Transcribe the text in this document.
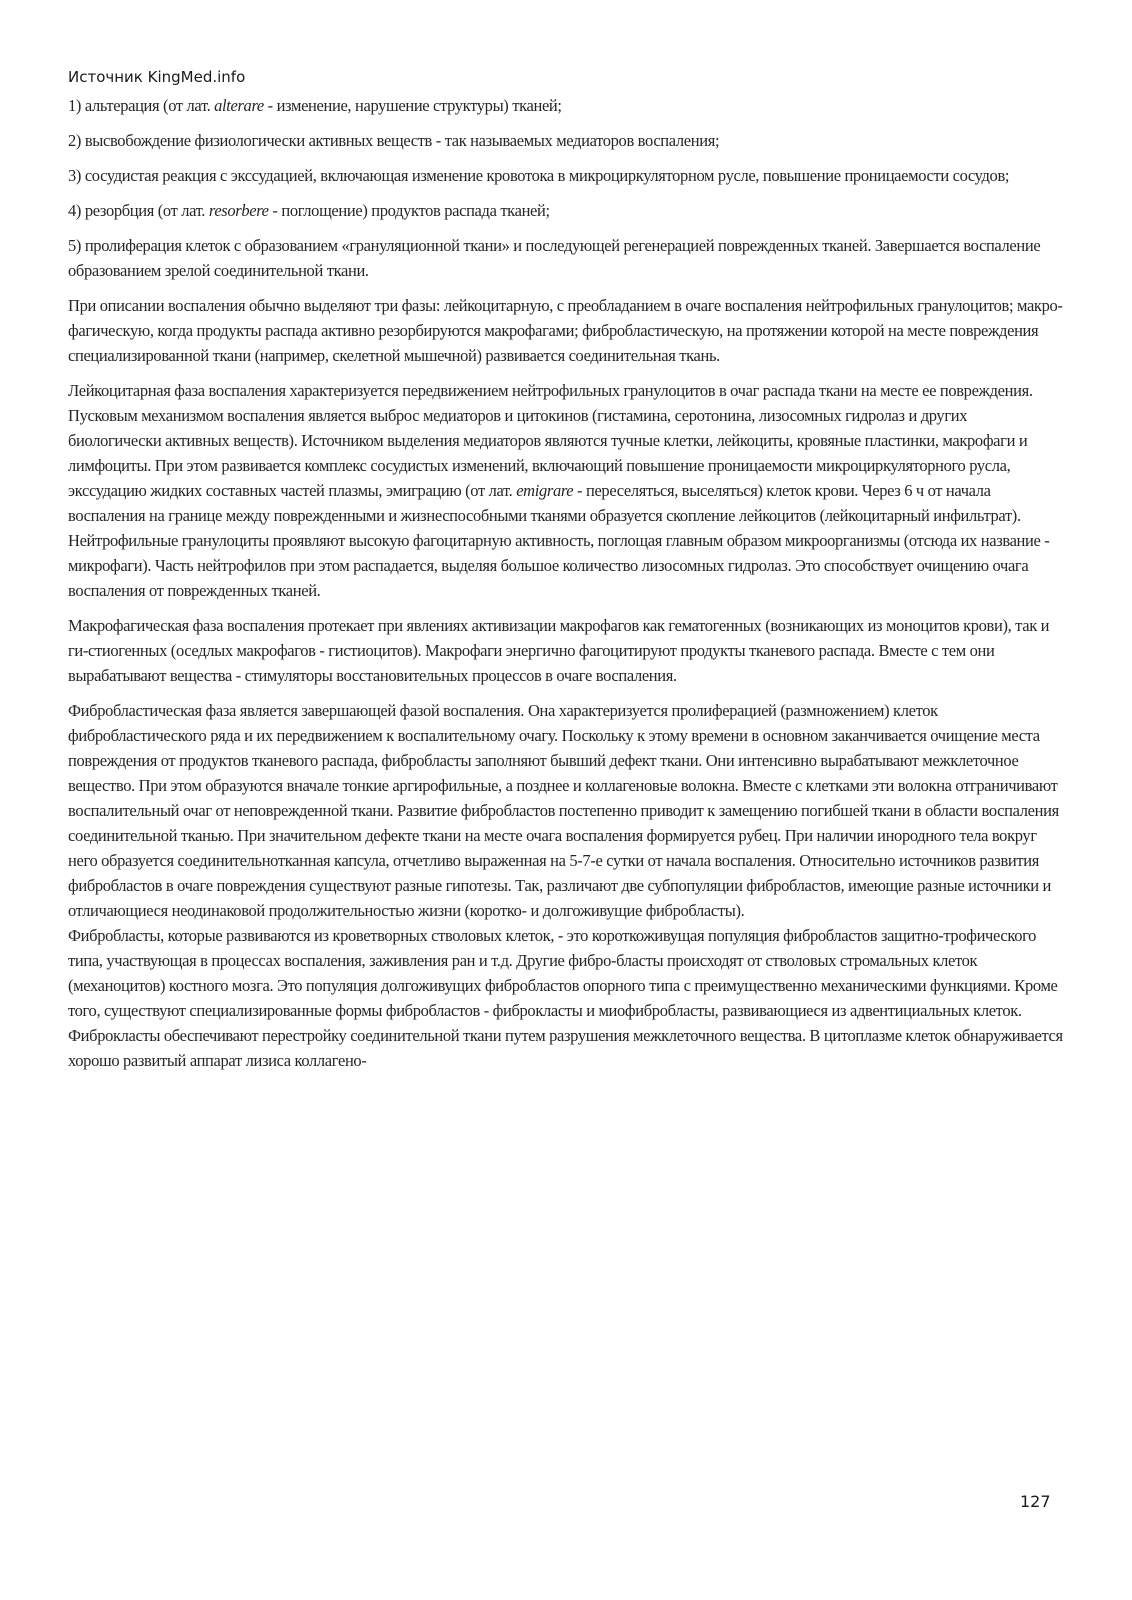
Источник KingMed.info

1) альтерация (от лат. alterare - изменение, нарушение структуры) тканей;

2) высвобождение физиологически активных веществ - так называемых медиаторов воспаления;

3) сосудистая реакция с экссудацией, включающая изменение кровотока в микроциркуляторном русле, повышение проницаемости сосудов;

4) резорбция (от лат. resorbere - поглощение) продуктов распада тканей;

5) пролиферация клеток с образованием «грануляционной ткани» и последующей регенерацией поврежденных тканей. Завершается воспаление образованием зрелой соединительной ткани.

При описании воспаления обычно выделяют три фазы: лейкоцитарную, с преобладанием в очаге воспаления нейтрофильных гранулоцитов; макро-фагическую, когда продукты распада активно резорбируются макрофагами; фибробластическую, на протяжении которой на месте повреждения специализированной ткани (например, скелетной мышечной) развивается соединительная ткань.

Лейкоцитарная фаза воспаления характеризуется передвижением нейтрофильных гранулоцитов в очаг распада ткани на месте ее повреждения.

Пусковым механизмом воспаления является выброс медиаторов и цитокинов (гистамина, серотонина, лизосомных гидролаз и других биологически активных веществ). Источником выделения медиаторов являются тучные клетки, лейкоциты, кровяные пластинки, макрофаги и лимфоциты. При этом развивается комплекс сосудистых изменений, включающий повышение проницаемости микроциркуляторного русла, экссудацию жидких составных частей плазмы, эмиграцию (от лат. emigrare - переселяться, выселяться) клеток крови. Через 6 ч от начала воспаления на границе между поврежденными и жизнеспособными тканями образуется скопление лейкоцитов (лейкоцитарный инфильтрат). Нейтрофильные гранулоциты проявляют высокую фагоцитарную активность, поглощая главным образом микроорганизмы (отсюда их название - микрофаги). Часть нейтрофилов при этом распадается, выделяя большое количество лизосомных гидролаз. Это способствует очищению очага воспаления от поврежденных тканей.

Макрофагическая фаза воспаления протекает при явлениях активизации макрофагов как гематогенных (возникающих из моноцитов крови), так и ги-стиогенных (оседлых макрофагов - гистиоцитов). Макрофаги энергично фагоцитируют продукты тканевого распада. Вместе с тем они вырабатывают вещества - стимуляторы восстановительных процессов в очаге воспаления.

Фибробластическая фаза является завершающей фазой воспаления. Она характеризуется пролиферацией (размножением) клеток фибробластического ряда и их передвижением к воспалительному очагу. Поскольку к этому времени в основном заканчивается очищение места повреждения от продуктов тканевого распада, фибробласты заполняют бывший дефект ткани. Они интенсивно вырабатывают межклеточное вещество. При этом образуются вначале тонкие аргирофильные, а позднее и коллагеновые волокна. Вместе с клетками эти волокна отграничивают воспалительный очаг от неповрежденной ткани. Развитие фибробластов постепенно приводит к замещению погибшей ткани в области воспаления соединительной тканью. При значительном дефекте ткани на месте очага воспаления формируется рубец. При наличии инородного тела вокруг него образуется соединительнотканная капсула, отчетливо выраженная на 5-7-е сутки от начала воспаления. Относительно источников развития фибробластов в очаге повреждения существуют разные гипотезы. Так, различают две субпопуляции фибробластов, имеющие разные источники и отличающиеся неодинаковой продолжительностью жизни (коротко- и долгоживущие фибробласты).

Фибробласты, которые развиваются из кроветворных стволовых клеток, - это короткоживущая популяция фибробластов защитно-трофического типа, участвующая в процессах воспаления, заживления ран и т.д. Другие фибро-бласты происходят от стволовых стромальных клеток (механоцитов) костного мозга. Это популяция долгоживущих фибробластов опорного типа с преимущественно механическими функциями. Кроме того, существуют специализированные формы фибробластов - фиброкласты и миофибробласты, развивающиеся из адвентициальных клеток. Фиброкласты обеспечивают перестройку соединительной ткани путем разрушения межклеточного вещества. В цитоплазме клеток обнаруживается хорошо развитый аппарат лизиса коллагено-

127
